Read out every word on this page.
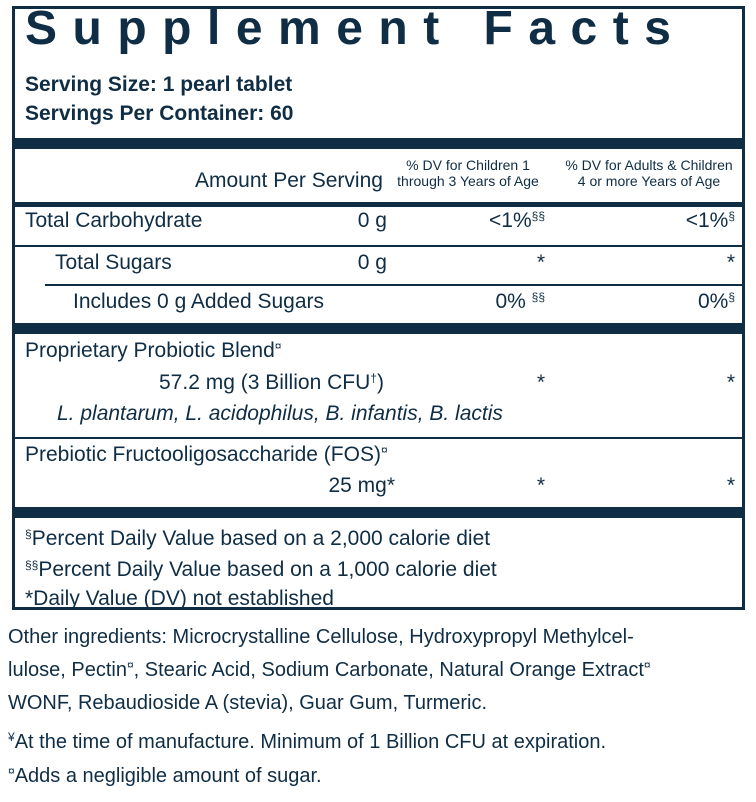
Supplement Facts
Serving Size: 1 pearl tablet
Servings Per Container: 60
Amount Per Serving
% DV for Children 1
through 3 Years of Age
% DV for Adults & Children
4 or more Years of Age
Total Carbohydrate	0 g	<1%§§	<1%§
Total Sugars	0 g	*	*
Includes 0 g Added Sugars	0% §§	0%§
Proprietary Probiotic Blend¤
57.2 mg (3 Billion CFU†)	*	*
L. plantarum, L. acidophilus, B. infantis, B. lactis
Prebiotic Fructooligosaccharide (FOS)¤
25 mg*	*	*
§Percent Daily Value based on a 2,000 calorie diet
§§Percent Daily Value based on a 1,000 calorie diet
*Daily Value (DV) not established
Other ingredients: Microcrystalline Cellulose, Hydroxypropyl Methylcel-
lulose, Pectin¤, Stearic Acid, Sodium Carbonate, Natural Orange Extract¤
WONF, Rebaudioside A (stevia), Guar Gum, Turmeric.
¥At the time of manufacture. Minimum of 1 Billion CFU at expiration.
¤Adds a negligible amount of sugar.
